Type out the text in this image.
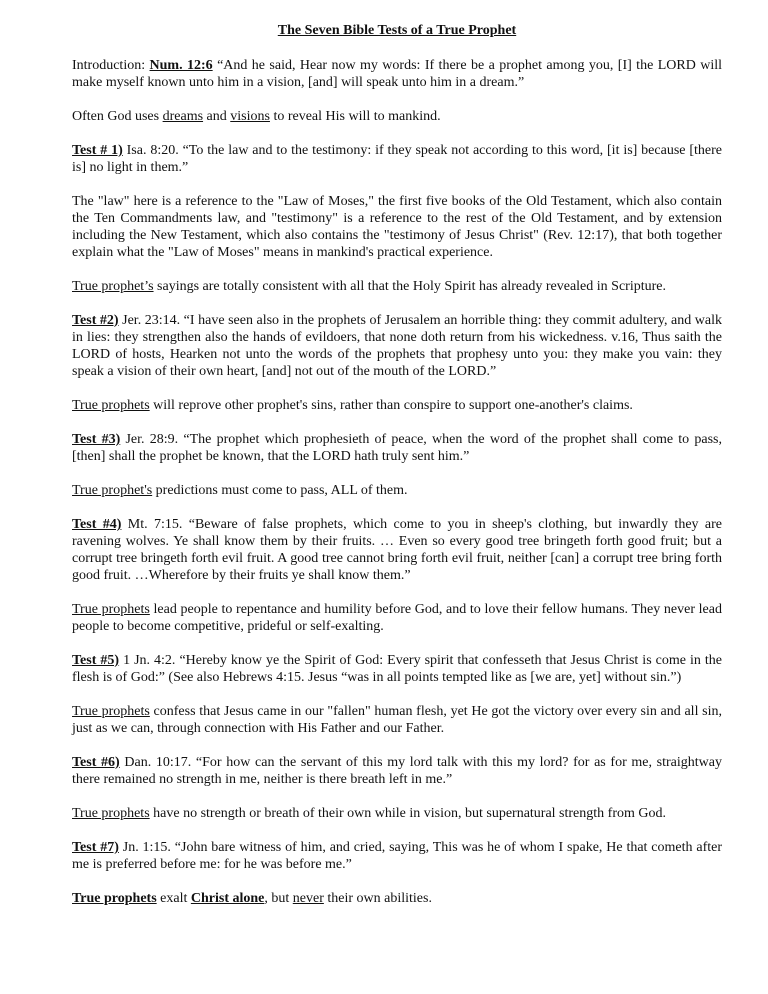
The Seven Bible Tests of a True Prophet

Introduction: Num. 12:6 “And he said, Hear now my words: If there be a prophet among you, [I] the LORD will make myself known unto him in a vision, [and] will speak unto him in a dream.”

Often God uses dreams and visions to reveal His will to mankind.

Test # 1) Isa. 8:20. “To the law and to the testimony: if they speak not according to this word, [it is] because [there is] no light in them.”

The "law" here is a reference to the "Law of Moses," the first five books of the Old Testament, which also contain the Ten Commandments law, and "testimony" is a reference to the rest of the Old Testament, and by extension including the New Testament, which also contains the "testimony of Jesus Christ" (Rev. 12:17), that both together explain what the "Law of Moses" means in mankind's practical experience.

True prophet’s sayings are totally consistent with all that the Holy Spirit has already revealed in Scripture.

Test #2) Jer. 23:14. “I have seen also in the prophets of Jerusalem an horrible thing: they commit adultery, and walk in lies: they strengthen also the hands of evildoers, that none doth return from his wickedness. v.16, Thus saith the LORD of hosts, Hearken not unto the words of the prophets that prophesy unto you: they make you vain: they speak a vision of their own heart, [and] not out of the mouth of the LORD.”

True prophets will reprove other prophet's sins, rather than conspire to support one-another's claims.

Test #3) Jer. 28:9. “The prophet which prophesieth of peace, when the word of the prophet shall come to pass, [then] shall the prophet be known, that the LORD hath truly sent him.”

True prophet's predictions must come to pass, ALL of them.

Test #4) Mt. 7:15. “Beware of false prophets, which come to you in sheep's clothing, but inwardly they are ravening wolves. Ye shall know them by their fruits. … Even so every good tree bringeth forth good fruit; but a corrupt tree bringeth forth evil fruit. A good tree cannot bring forth evil fruit, neither [can] a corrupt tree bring forth good fruit. …Wherefore by their fruits ye shall know them.”

True prophets lead people to repentance and humility before God, and to love their fellow humans. They never lead people to become competitive, prideful or self-exalting.

Test #5) 1 Jn. 4:2. “Hereby know ye the Spirit of God: Every spirit that confesseth that Jesus Christ is come in the flesh is of God:” (See also Hebrews 4:15. Jesus “was in all points tempted like as [we are, yet] without sin.”)

True prophets confess that Jesus came in our "fallen" human flesh, yet He got the victory over every sin and all sin, just as we can, through connection with His Father and our Father.

Test #6) Dan. 10:17. “For how can the servant of this my lord talk with this my lord? for as for me, straightway there remained no strength in me, neither is there breath left in me.”

True prophets have no strength or breath of their own while in vision, but supernatural strength from God.

Test #7) Jn. 1:15. “John bare witness of him, and cried, saying, This was he of whom I spake, He that cometh after me is preferred before me: for he was before me.”

True prophets exalt Christ alone, but never their own abilities.
